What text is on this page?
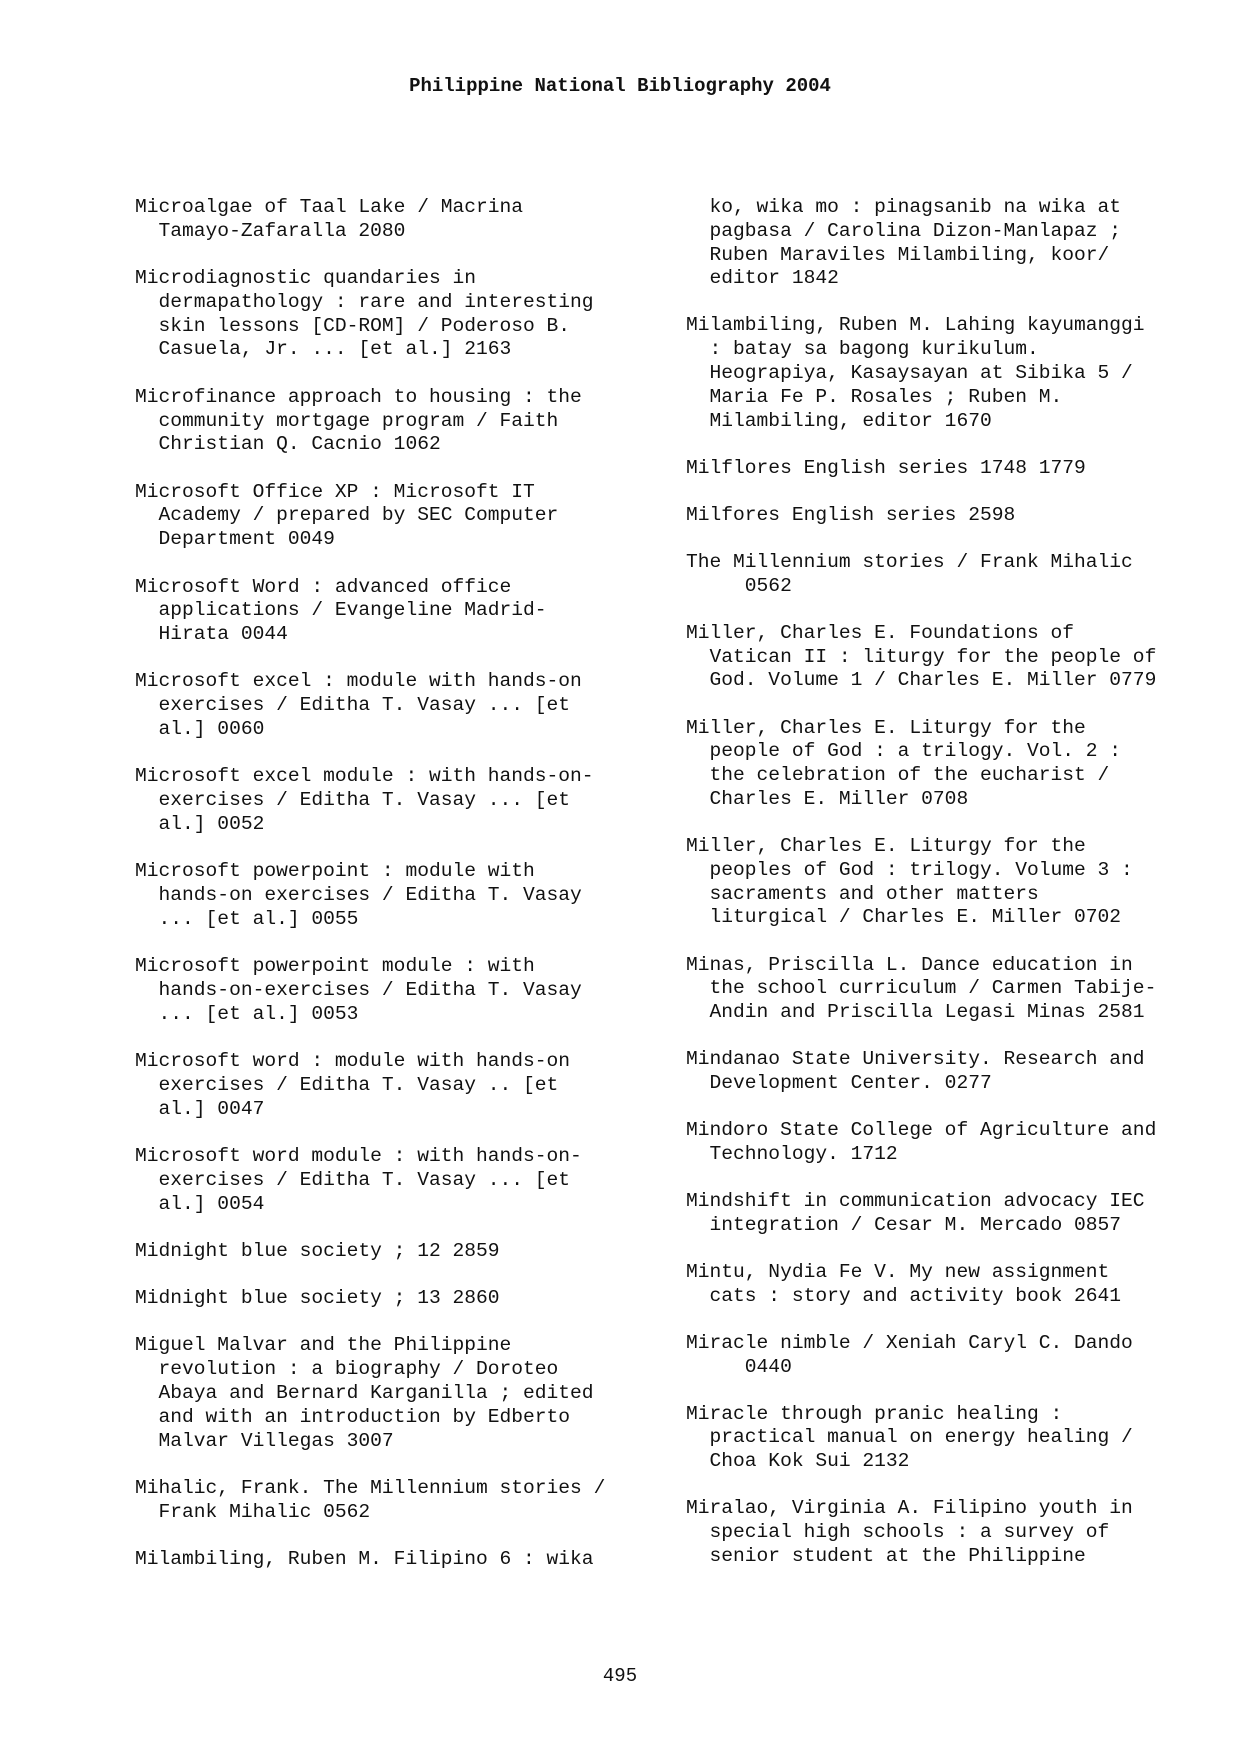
Philippine National Bibliography 2004
Microalgae of Taal Lake / Macrina
Tamayo-Zafaralla 2080
Microdiagnostic quandaries in
dermapathology : rare and interesting
skin lessons [CD-ROM] / Poderoso B.
Casuela, Jr. ... [et al.] 2163
Microfinance approach to housing : the
community mortgage program / Faith
Christian Q. Cacnio 1062
Microsoft Office XP : Microsoft IT
Academy / prepared by SEC Computer
Department 0049
Microsoft Word : advanced office
applications / Evangeline Madrid-
Hirata 0044
Microsoft excel : module with hands-on
exercises / Editha T. Vasay ... [et
al.] 0060
Microsoft excel module : with hands-on-
exercises / Editha T. Vasay ... [et
al.] 0052
Microsoft powerpoint : module with
hands-on exercises / Editha T. Vasay
... [et al.] 0055
Microsoft powerpoint module : with
hands-on-exercises / Editha T. Vasay
... [et al.] 0053
Microsoft word : module with hands-on
exercises / Editha T. Vasay .. [et
al.] 0047
Microsoft word module : with hands-on-
exercises / Editha T. Vasay ... [et
al.] 0054
Midnight blue society ; 12 2859
Midnight blue society ; 13 2860
Miguel Malvar and the Philippine
revolution : a biography / Doroteo
Abaya and Bernard Karganilla ; edited
and with an introduction by Edberto
Malvar Villegas 3007
Mihalic, Frank. The Millennium stories /
Frank Mihalic 0562
Milambiling, Ruben M. Filipino 6 : wika
ko, wika mo : pinagsanib na wika at
pagbasa / Carolina Dizon-Manlapaz ;
Ruben Maraviles Milambiling, koor/
editor 1842
Milambiling, Ruben M. Lahing kayumanggi
: batay sa bagong kurikulum.
Heograpiya, Kasaysayan at Sibika 5 /
Maria Fe P. Rosales ; Ruben M.
Milambiling, editor 1670
Milflores English series 1748 1779
Milfores English series 2598
The Millennium stories / Frank Mihalic
0562
Miller, Charles E. Foundations of
Vatican II : liturgy for the people of
God. Volume 1 / Charles E. Miller 0779
Miller, Charles E. Liturgy for the
people of God : a trilogy. Vol. 2 :
the celebration of the eucharist /
Charles E. Miller 0708
Miller, Charles E. Liturgy for the
peoples of God : trilogy. Volume 3 :
sacraments and other matters
liturgical / Charles E. Miller 0702
Minas, Priscilla L. Dance education in
the school curriculum / Carmen Tabije-
Andin and Priscilla Legasi Minas 2581
Mindanao State University. Research and
Development Center. 0277
Mindoro State College of Agriculture and
Technology. 1712
Mindshift in communication advocacy IEC
integration / Cesar M. Mercado 0857
Mintu, Nydia Fe V. My new assignment
cats : story and activity book 2641
Miracle nimble / Xeniah Caryl C. Dando
0440
Miracle through pranic healing :
practical manual on energy healing /
Choa Kok Sui 2132
Miralao, Virginia A. Filipino youth in
special high schools : a survey of
senior student at the Philippine
495
